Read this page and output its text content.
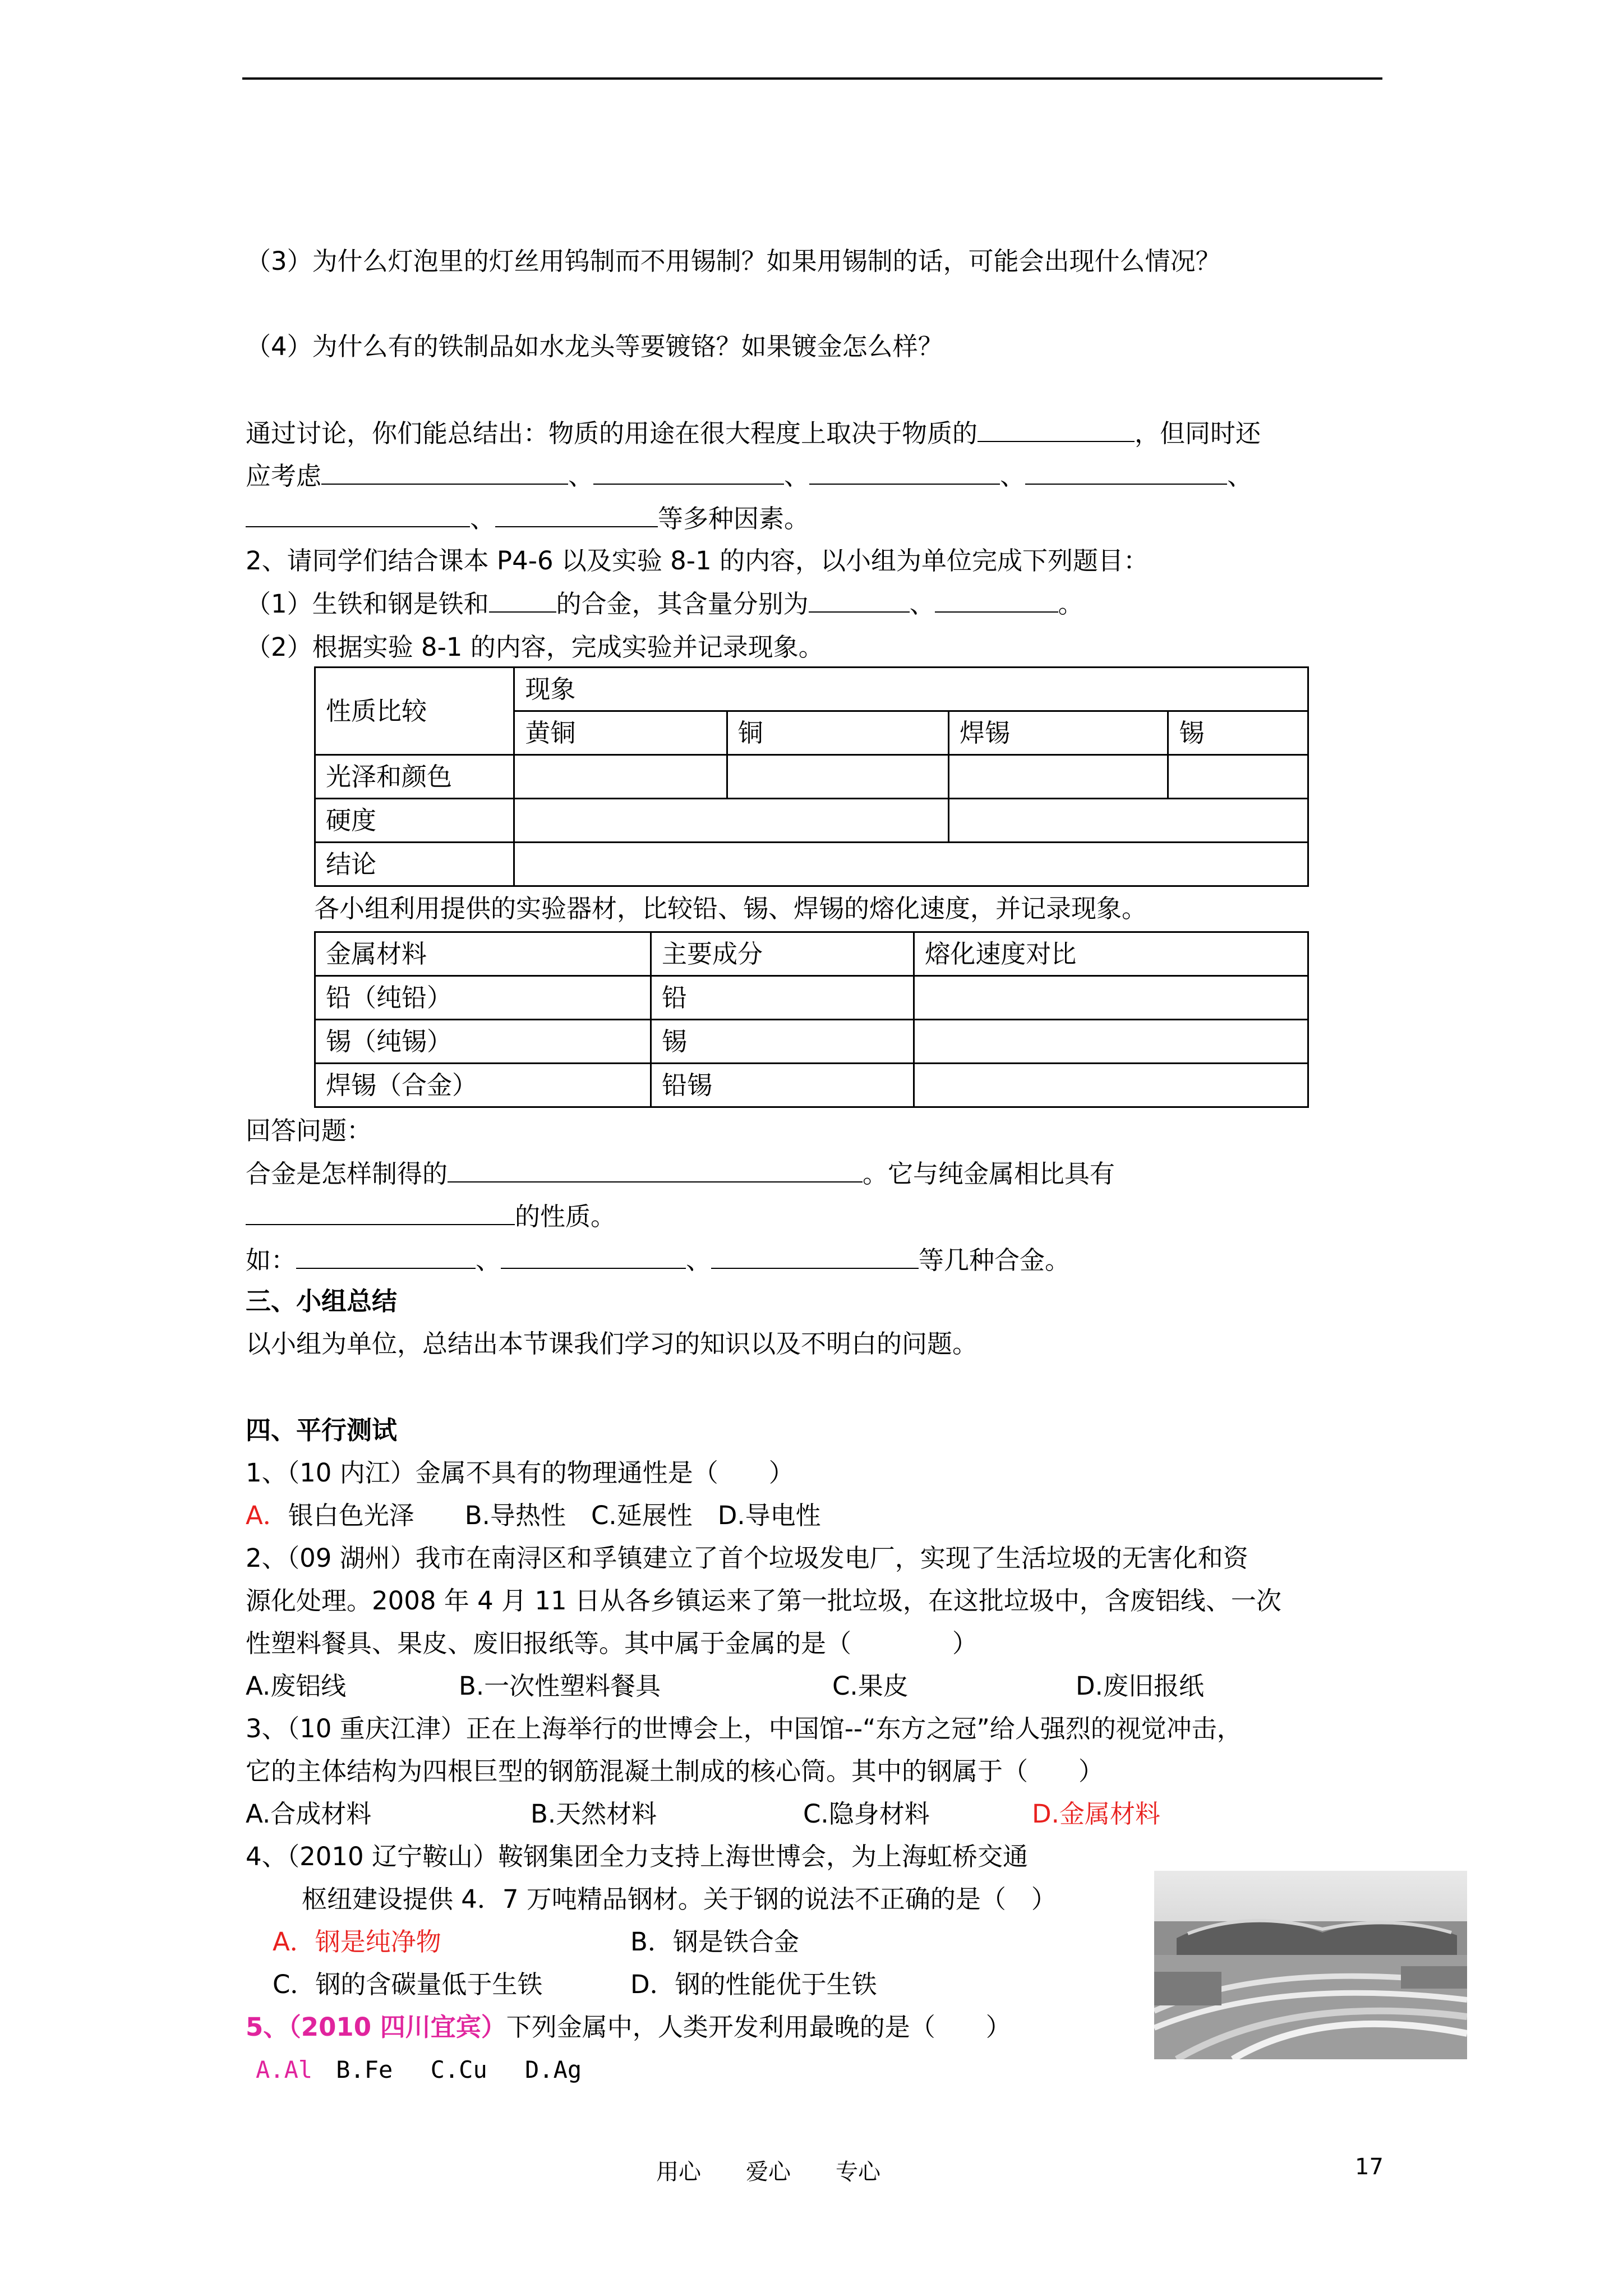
（3）为什么灯泡里的灯丝用钨制而不用锡制？如果用锡制的话，可能会出现什么情况？
（4）为什么有的铁制品如水龙头等要镀铬？如果镀金怎么样？
通过讨论，你们能总结出：物质的用途在很大程度上取决于物质的	，但同时还
应考虑	、	、	、	、
、	等多种因素。
2、请同学们结合课本 P4-6 以及实验 8-1 的内容，以小组为单位完成下列题目：
（1）生铁和钢是铁和	的合金，其含量分别为	、	。
（2）根据实验 8-1 的内容，完成实验并记录现象。
性质比较	现象			
	黄铜	铜	焊锡	锡
光泽和颜色				
硬度				
结论				
各小组利用提供的实验器材，比较铅、锡、焊锡的熔化速度，并记录现象。
金属材料	主要成分	熔化速度对比
铅（纯铅）	铅	
锡（纯锡）	锡	
焊锡（合金）	铅锡	
回答问题：
合金是怎样制得的	。它与纯金属相比具有
的性质。
如：	、	、	等几种合金。
三、小组总结
以小组为单位，总结出本节课我们学习的知识以及不明白的问题。
四、平行测试
1、（10 内江）金属不具有的物理通性是（　　）
A．银白色光泽　　B.导热性　C.延展性　D.导电性
2、（09 湖州）我市在南浔区和孚镇建立了首个垃圾发电厂，实现了生活垃圾的无害化和资
源化处理。2008 年 4 月 11 日从各乡镇运来了第一批垃圾，在这批垃圾中，含废铝线、一次
性塑料餐具、果皮、废旧报纸等。其中属于金属的是（　　　　）
A.废铝线	B.一次性塑料餐具	C.果皮	D.废旧报纸
3、（10 重庆江津）正在上海举行的世博会上，中国馆--“东方之冠”给人强烈的视觉冲击，
它的主体结构为四根巨型的钢筋混凝土制成的核心筒。其中的钢属于（　　）
A.合成材料	B.天然材料	C.隐身材料	D.金属材料
4、（2010 辽宁鞍山）鞍钢集团全力支持上海世博会，为上海虹桥交通
枢纽建设提供 4．7 万吨精品钢材。关于钢的说法不正确的是（　）
A．钢是纯净物	B．钢是铁合金
C．钢的含碳量低于生铁	D．钢的性能优于生铁
5、（2010 四川宜宾）下列金属中，人类开发利用最晚的是（　　）
A.Al　B.Fe　 C.Cu　 D.Ag
用心　　爱心　　专心	17
